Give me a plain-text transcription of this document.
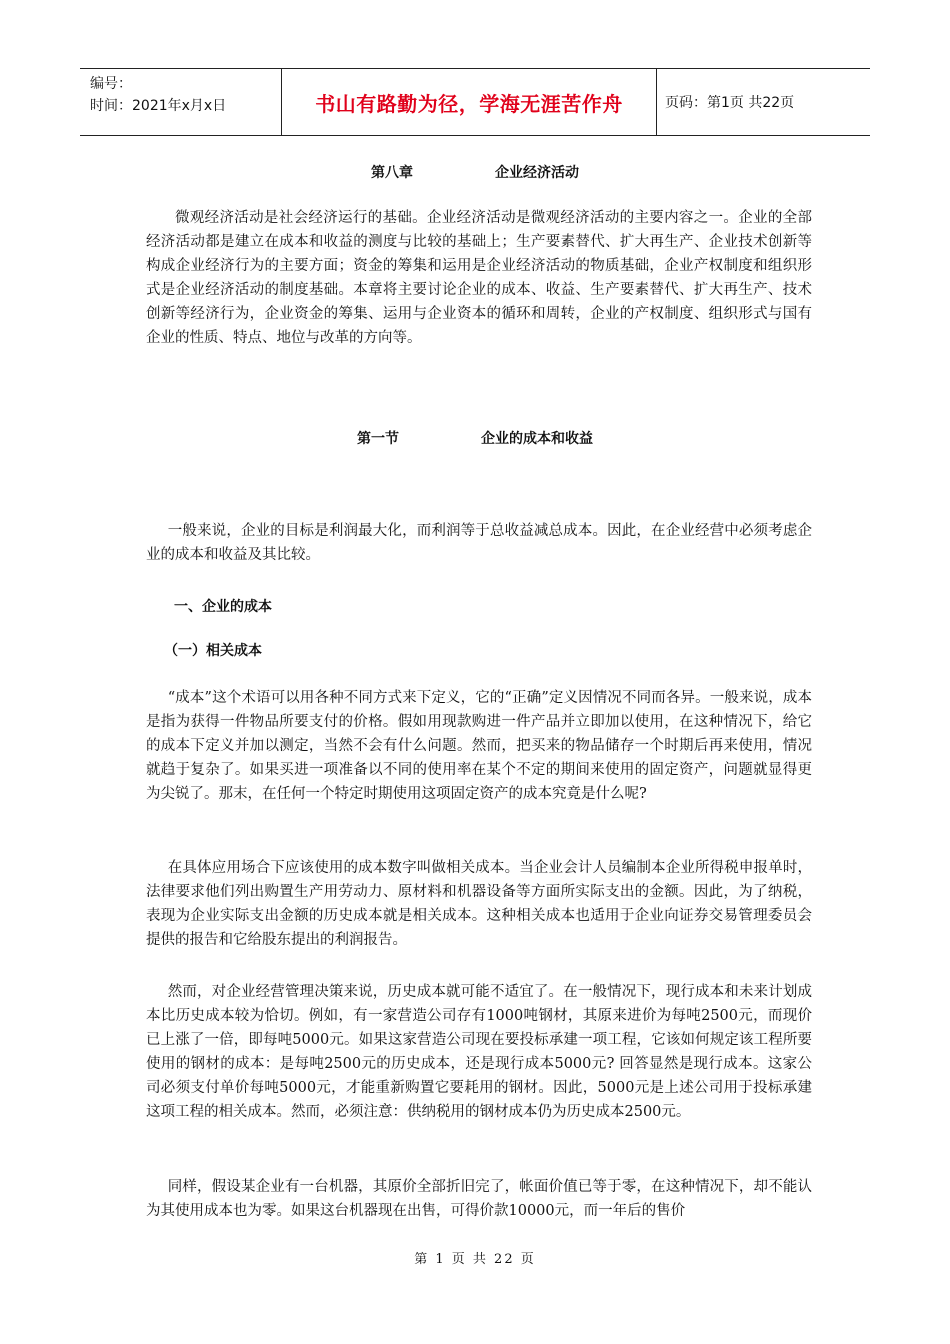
编号：
时间：2021年x月x日	书山有路勤为径，学海无涯苦作舟	页码：第1页 共22页
第八章	企业经济活动

微观经济活动是社会经济运行的基础。企业经济活动是微观经济活动的主要内容之一。企业的全部经济活动都是建立在成本和收益的测度与比较的基础上；生产要素替代、扩大再生产、企业技术创新等构成企业经济行为的主要方面；资金的筹集和运用是企业经济活动的物质基础，企业产权制度和组织形式是企业经济活动的制度基础。本章将主要讨论企业的成本、收益、生产要素替代、扩大再生产、技术创新等经济行为，企业资金的筹集、运用与企业资本的循环和周转，企业的产权制度、组织形式与国有企业的性质、特点、地位与改革的方向等。

第一节	企业的成本和收益

一般来说，企业的目标是利润最大化，而利润等于总收益减总成本。因此，在企业经营中必须考虑企业的成本和收益及其比较。

一、企业的成本
（一）相关成本

“成本”这个术语可以用各种不同方式来下定义，它的“正确”定义因情况不同而各异。一般来说，成本是指为获得一件物品所要支付的价格。假如用现款购进一件产品并立即加以使用，在这种情况下，给它的成本下定义并加以测定，当然不会有什么问题。然而，把买来的物品储存一个时期后再来使用，情况就趋于复杂了。如果买进一项准备以不同的使用率在某个不定的期间来使用的固定资产，问题就显得更为尖锐了。那末，在任何一个特定时期使用这项固定资产的成本究竟是什么呢?

在具体应用场合下应该使用的成本数字叫做相关成本。当企业会计人员编制本企业所得税申报单时，法律要求他们列出购置生产用劳动力、原材料和机器设备等方面所实际支出的金额。因此，为了纳税，表现为企业实际支出金额的历史成本就是相关成本。这种相关成本也适用于企业向证券交易管理委员会提供的报告和它给股东提出的利润报告。

然而，对企业经营管理决策来说，历史成本就可能不适宜了。在一般情况下，现行成本和未来计划成本比历史成本较为恰切。例如，有一家营造公司存有1000吨钢材，其原来进价为每吨2500元，而现价已上涨了一倍，即每吨5000元。如果这家营造公司现在要投标承建一项工程，它该如何规定该工程所要使用的钢材的成本：是每吨2500元的历史成本，还是现行成本5000元? 回答显然是现行成本。这家公司必须支付单价每吨5000元，才能重新购置它要耗用的钢材。因此，5000元是上述公司用于投标承建这项工程的相关成本。然而，必须注意：供纳税用的钢材成本仍为历史成本2500元。

同样，假设某企业有一台机器，其原价全部折旧完了，帐面价值已等于零，在这种情况下，却不能认为其使用成本也为零。如果这台机器现在出售，可得价款10000元，而一年后的售价

第 1 页 共 22 页
